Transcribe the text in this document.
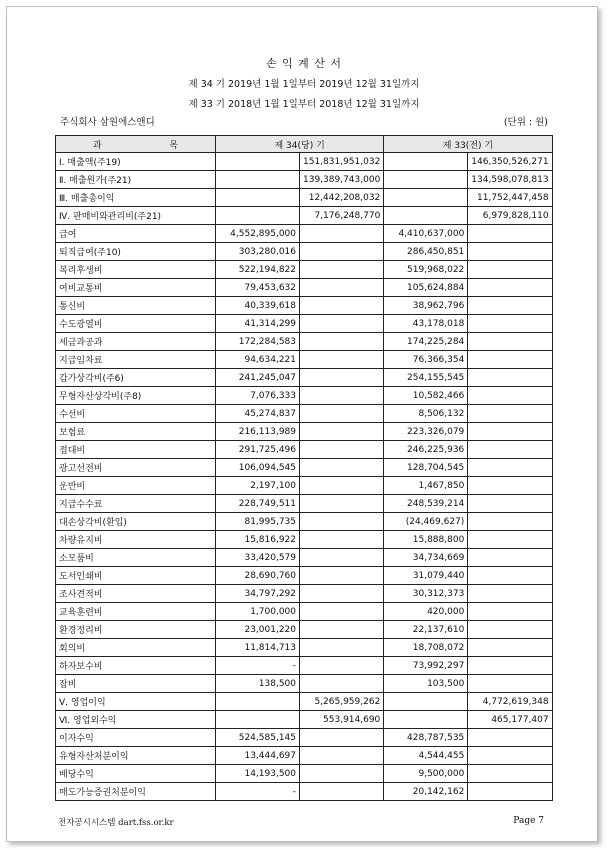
손 익 계 산 서
제 34 기 2019년 1월 1일부터 2019년 12월 31일까지
제 33 기 2018년 1월 1일부터 2018년 12월 31일까지
주식회사 삼원에스앤디	(단위 : 원)
과 목	제 34(당) 기		제 33(전) 기	
Ⅰ. 매출액(주19)		151,831,951,032		146,350,526,271
Ⅱ. 매출원가(주21)		139,389,743,000		134,598,078,813
Ⅲ. 매출총이익		12,442,208,032		11,752,447,458
Ⅳ. 판매비와관리비(주21)		7,176,248,770		6,979,828,110
급여	4,552,895,000		4,410,637,000	
퇴직급여(주10)	303,280,016		286,450,851	
복리후생비	522,194,822		519,968,022	
여비교통비	79,453,632		105,624,884	
통신비	40,339,618		38,962,796	
수도광열비	41,314,299		43,178,018	
세금과공과	172,284,583		174,225,284	
지급임차료	94,634,221		76,366,354	
감가상각비(주6)	241,245,047		254,155,545	
무형자산상각비(주8)	7,076,333		10,582,466	
수선비	45,274,837		8,506,132	
보험료	216,113,989		223,326,079	
접대비	291,725,496		246,225,936	
광고선전비	106,094,545		128,704,545	
운반비	2,197,100		1,467,850	
지급수수료	228,749,511		248,539,214	
대손상각비(환입)	81,995,735		(24,469,627)	
차량유지비	15,816,922		15,888,800	
소모품비	33,420,579		34,734,669	
도서인쇄비	28,690,760		31,079,440	
조사견적비	34,797,292		30,312,373	
교육훈련비	1,700,000		420,000	
환경정리비	23,001,220		22,137,610	
회의비	11,814,713		18,708,072	
하자보수비	-		73,992,297	
잡비	138,500		103,500	
Ⅴ. 영업이익		5,265,959,262		4,772,619,348
Ⅵ. 영업외수익		553,914,690		465,177,407
이자수익	524,585,145		428,787,535	
유형자산처분이익	13,444,697		4,544,455	
배당수익	14,193,500		9,500,000	
매도가능증권처분이익	-		20,142,162	
전자공시시스템 dart.fss.or.kr	Page 7
